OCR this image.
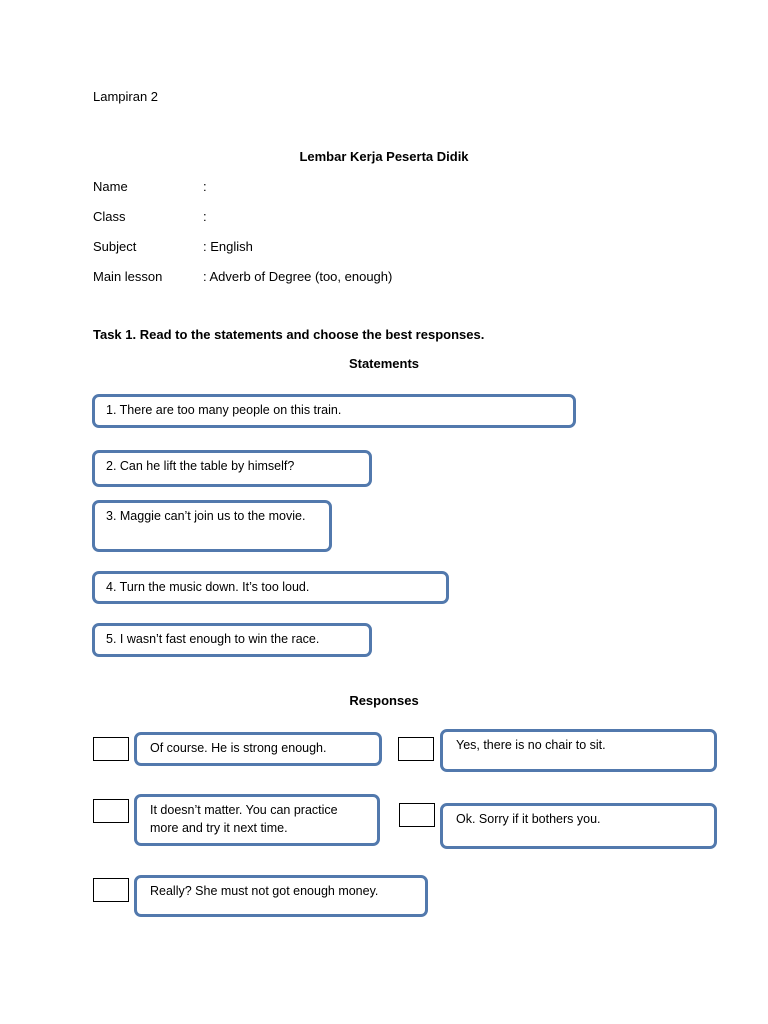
Lampiran 2
Lembar Kerja Peserta Didik
Name	:
Class	:
Subject	: English
Main lesson	: Adverb of Degree (too, enough)
Task 1. Read to the statements and choose the best responses.
Statements
1. There are too many people on this train.
2. Can he lift the table by himself?
3. Maggie can’t join us to the movie.
4. Turn the music down. It’s too loud.
5. I wasn’t fast enough to win the race.
Responses
Of course. He is strong enough.	Yes, there is no chair to sit.
It doesn’t matter. You can practice more and try it next time.
Ok. Sorry if it bothers you.
Really? She must not got enough money.
